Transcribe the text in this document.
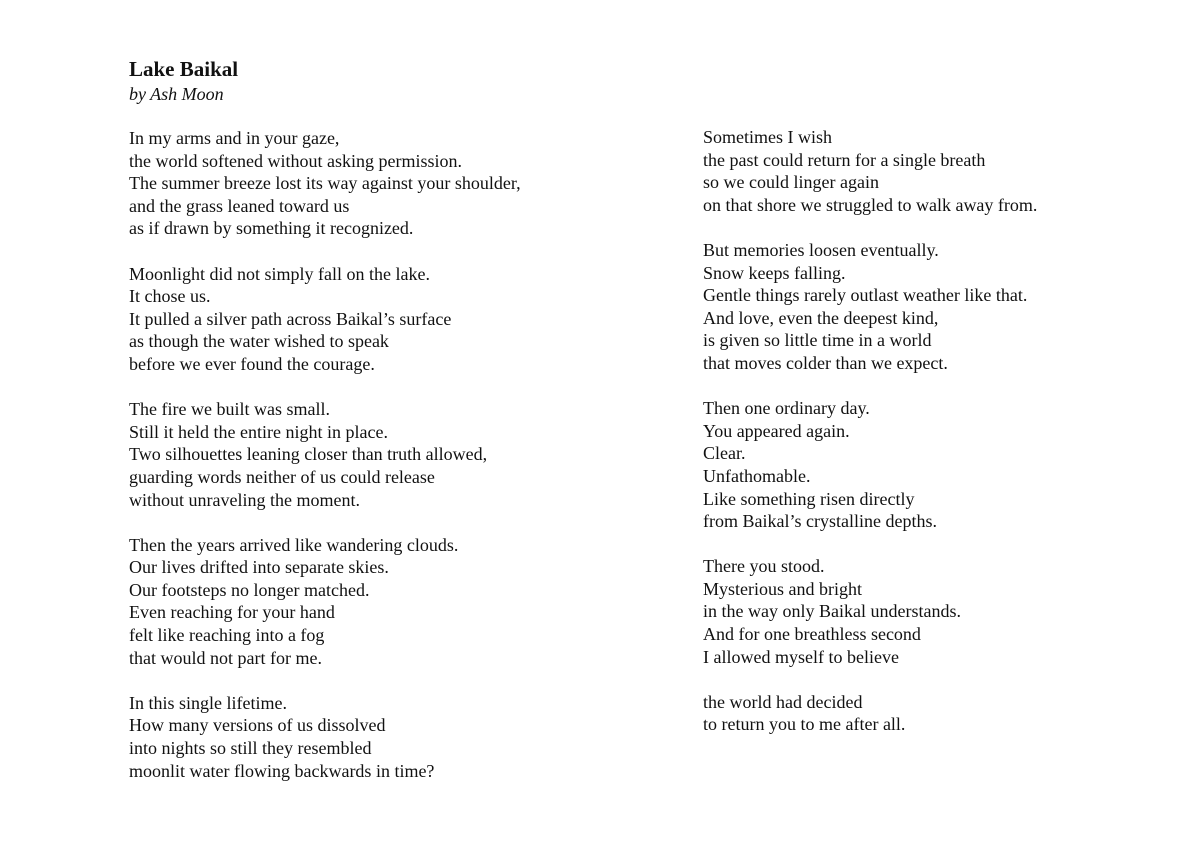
Lake Baikal
by Ash Moon
In my arms and in your gaze,
the world softened without asking permission.
The summer breeze lost its way against your shoulder,
and the grass leaned toward us
as if drawn by something it recognized.
Moonlight did not simply fall on the lake.
It chose us.
It pulled a silver path across Baikal’s surface
as though the water wished to speak
before we ever found the courage.
The fire we built was small.
Still it held the entire night in place.
Two silhouettes leaning closer than truth allowed,
guarding words neither of us could release
without unraveling the moment.
Then the years arrived like wandering clouds.
Our lives drifted into separate skies.
Our footsteps no longer matched.
Even reaching for your hand
felt like reaching into a fog
that would not part for me.
In this single lifetime.
How many versions of us dissolved
into nights so still they resembled
moonlit water flowing backwards in time?
Sometimes I wish
the past could return for a single breath
so we could linger again
on that shore we struggled to walk away from.
But memories loosen eventually.
Snow keeps falling.
Gentle things rarely outlast weather like that.
And love, even the deepest kind,
is given so little time in a world
that moves colder than we expect.
Then one ordinary day.
You appeared again.
Clear.
Unfathomable.
Like something risen directly
from Baikal’s crystalline depths.
There you stood.
Mysterious and bright
in the way only Baikal understands.
And for one breathless second
I allowed myself to believe
the world had decided
to return you to me after all.
